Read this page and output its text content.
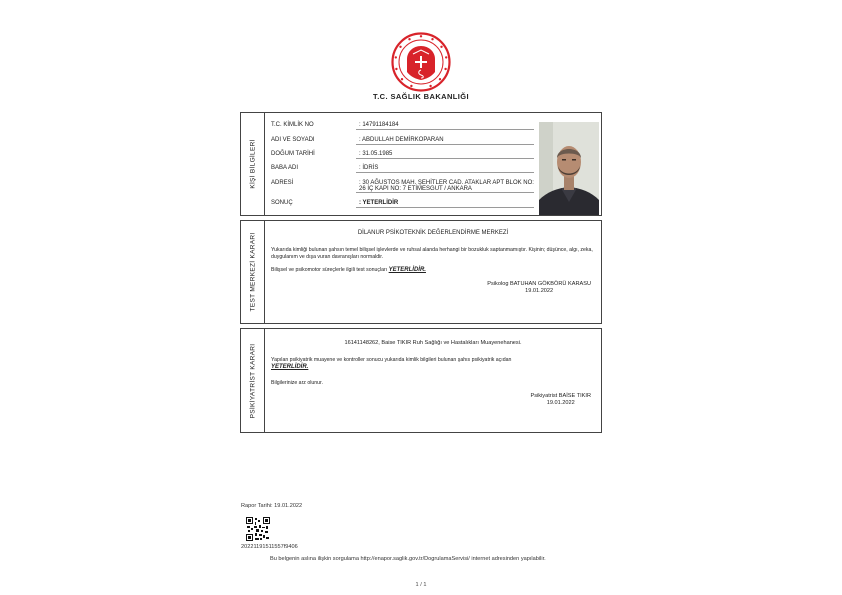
T.C. SAĞLIK BAKANLIĞI
KİŞİ BİLGİLERİ
T.C. KİMLİK NO	: 14791184184
ADI VE SOYADI	: ABDULLAH DEMİRKOPARAN
DOĞUM TARİHİ	: 31.05.1985
BABA ADI	: İDRİS
ADRESİ	: 30 AĞUSTOS MAH. ŞEHİTLER CAD. ATAKLAR APT BLOK NO: 26 İÇ KAPI NO: 7 ETİMESGUT / ANKARA
SONUÇ	: YETERLİDİR
TEST MERKEZİ KARARI	DİLANUR PSİKOTEKNİK DEĞERLENDİRME MERKEZİ
Yukarıda kimliği bulunan şahsın temel bilişsel işlevlerde ve ruhsal alanda herhangi bir bozukluk saptanmamıştır. Kişinin; düşünce, algı, zeka, duygulanım ve dışa vuran davranışları normaldir.
Bilişsel ve psikomotor süreçlerle ilgili test sonuçları YETERLİDİR.
Psikolog BATUHAN GÖKBÖRÜ KARASU
19.01.2022
PSİKİYATRİST KARARI
16141148262, Baise TIKIR Ruh Sağlığı ve Hastalıkları Muayenehanesi.
Yapılan psikiyatrik muayene ve kontroller sonucu yukarıda kimlik bilgileri bulunan şahıs psikiyatrik açıdan
YETERLİDİR.
Bilgilerinize arz olunur.
Psikiyatrist BAİSE TIKIR
19.01.2022
Rapor Tarihi: 19.01.2022
20221191511557f9406
Bu belgenin aslına ilişkin sorgulama http://enapor.saglik.gov.tr/DogrulamaServisi/ internet adresinden yapılabilir.
1 / 1
